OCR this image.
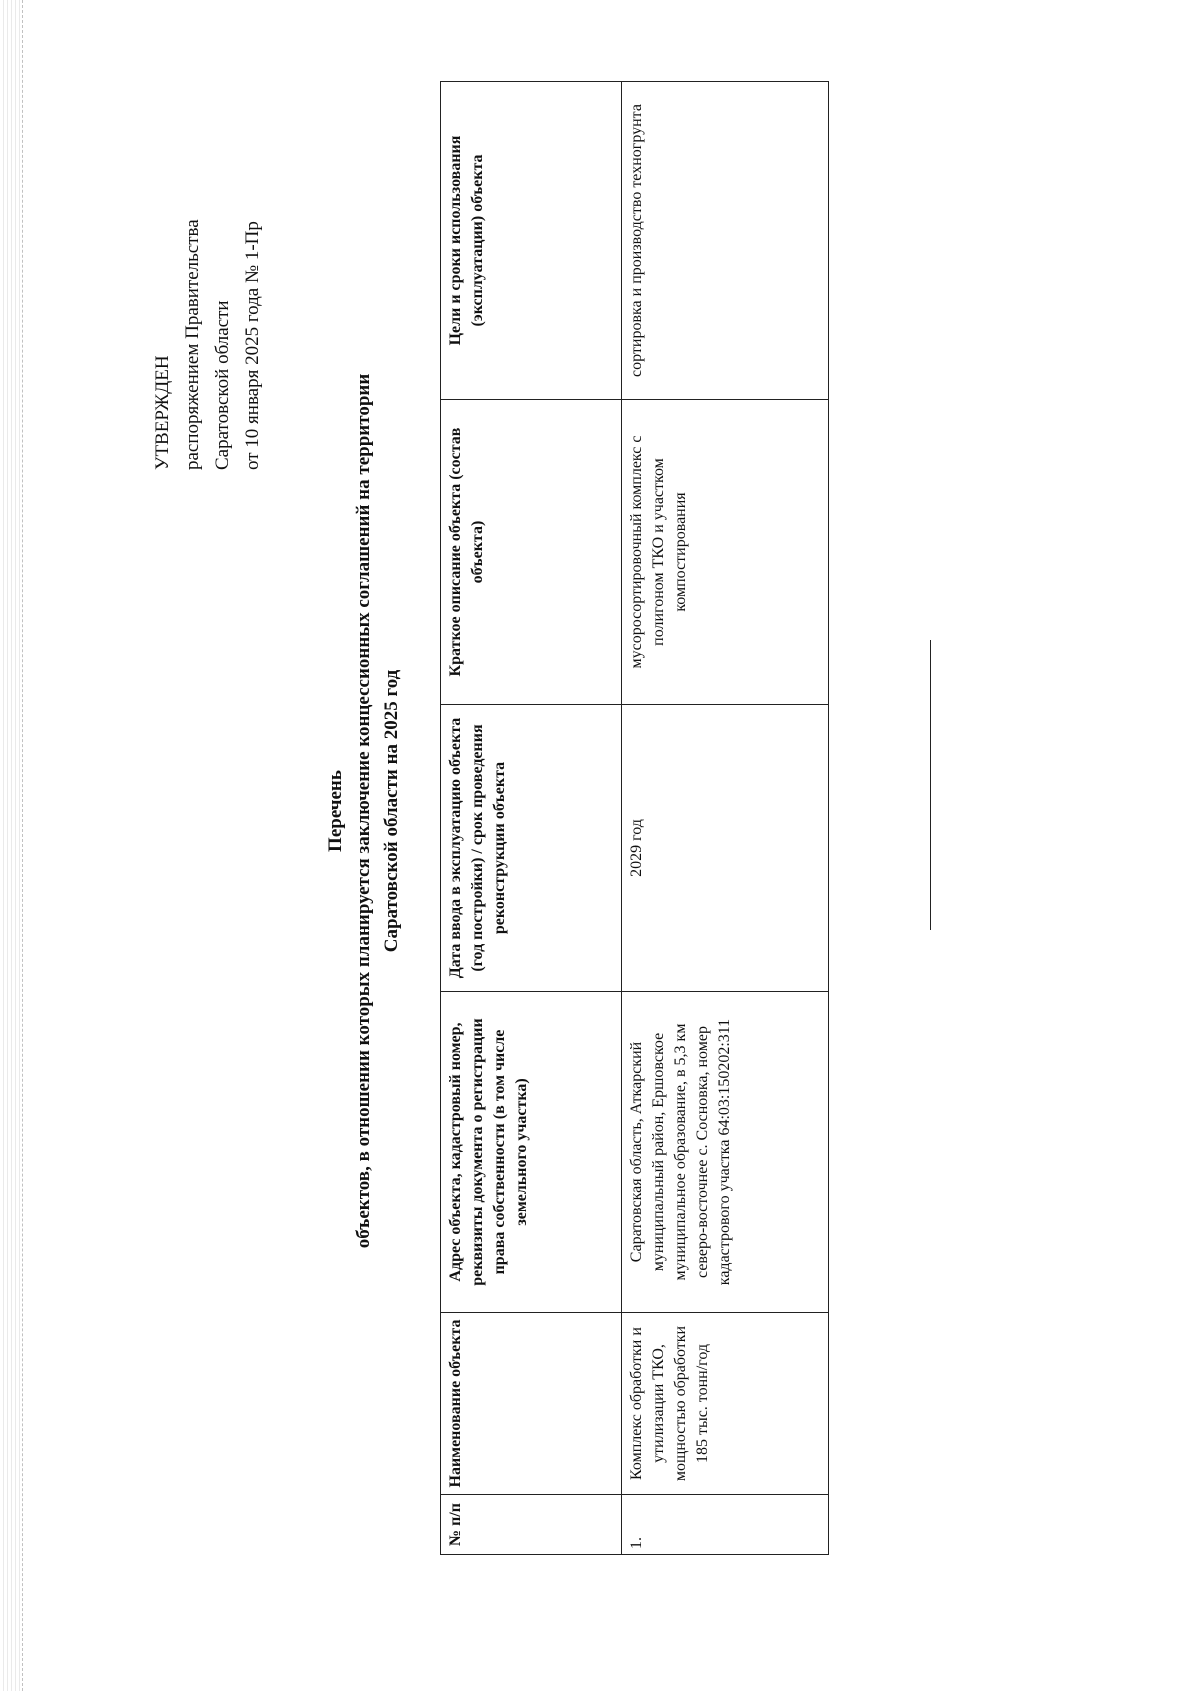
УТВЕРЖДЕН распоряжением Правительства Саратовской области от 10 января 2025 года № 1-Пр
Перечень объектов, в отношении которых планируется заключение концессионных соглашений на территории Саратовской области на 2025 год
№ п/п	Наименование объекта	Адрес объекта, кадастровый номер, реквизиты документа о регистрации права собственности (в том числе земельного участка)	Дата ввода в эксплуатацию объекта (год постройки) / срок проведения реконструкции объекта	Краткое описание объекта (состав объекта)	Цели и сроки использования (эксплуатации) объекта
1.	Комплекс обработки и утилизации ТКО, мощностью обработки 185 тыс. тонн/год	Саратовская область, Аткарский муниципальный район, Ершовское муниципальное образование, в 5,3 км северо-восточнее с. Сосновка, номер кадастрового участка 64:03:150202:311	2029 год	мусоросортировочный комплекс с полигоном ТКО и участком компостирования	сортировка и производство техногрунта
